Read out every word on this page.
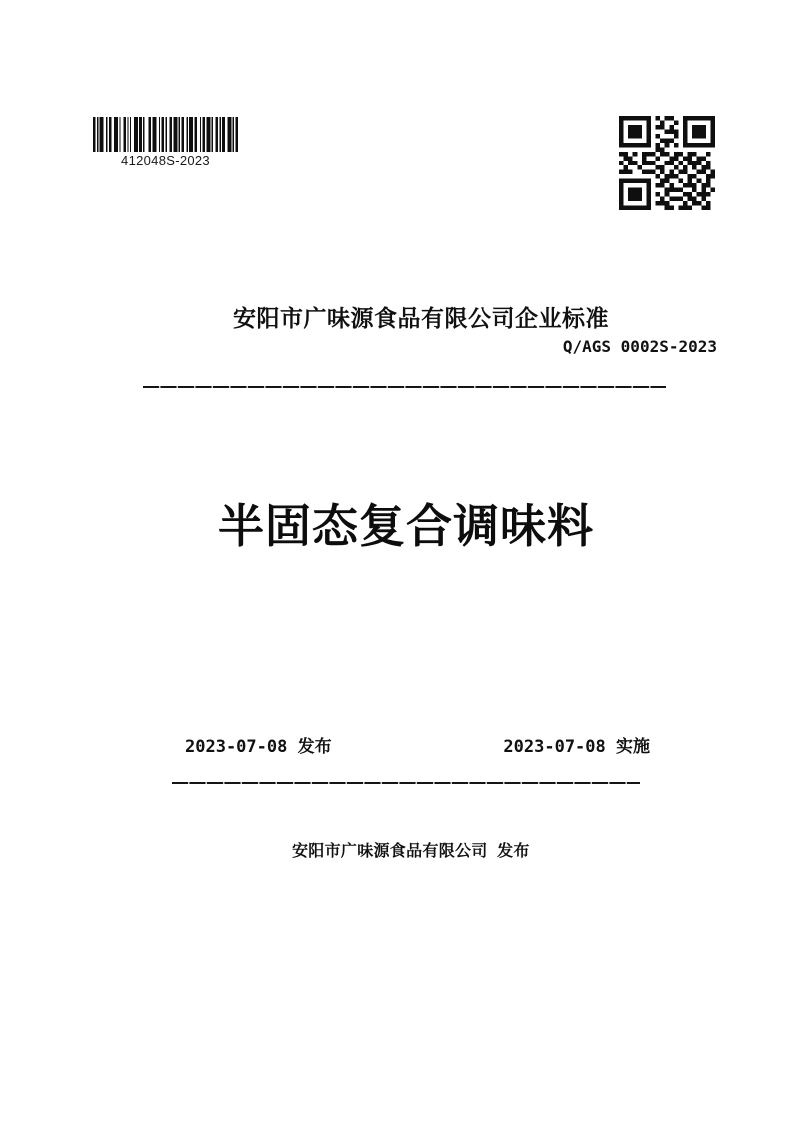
412048S-2023
安阳市广味源食品有限公司企业标准
Q/AGS 0002S-2023
半固态复合调味料
2023-07-08 发布	2023-07-08 实施
安阳市广味源食品有限公司  发布
